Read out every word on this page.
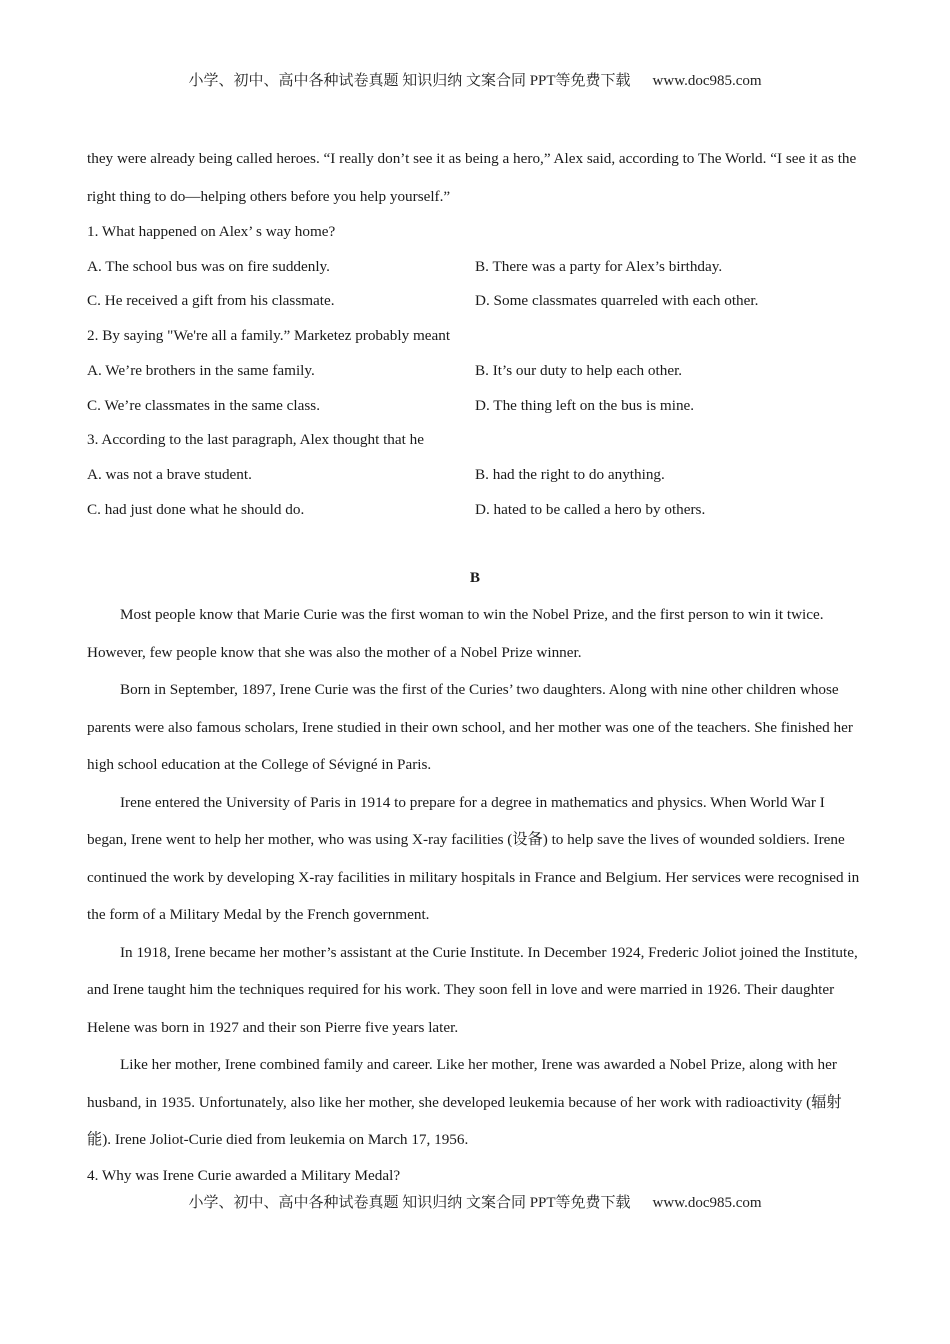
小学、初中、高中各种试卷真题 知识归纳 文案合同 PPT等免费下载 www.doc985.com

they were already being called heroes. “I really don’t see it as being a hero,” Alex said, according to The World. “I see it as the right thing to do—helping others before you help yourself.”

1. What happened on Alex’ s way home?

A. The school bus was on fire suddenly.	B. There was a party for Alex’s birthday.
C. He received a gift from his classmate.	D. Some classmates quarreled with each other.

2. By saying "We're all a family.” Marketez probably meant

A. We’re brothers in the same family.	B. It’s our duty to help each other.
C. We’re classmates in the same class.	D. The thing left on the bus is mine.

3. According to the last paragraph, Alex thought that he

A. was not a brave student.	B. had the right to do anything.
C. had just done what he should do.	D. hated to be called a hero by others.
B

Most people know that Marie Curie was the first woman to win the Nobel Prize, and the first person to win it twice. However, few people know that she was also the mother of a Nobel Prize winner.

Born in September, 1897, Irene Curie was the first of the Curies’ two daughters. Along with nine other children whose parents were also famous scholars, Irene studied in their own school, and her mother was one of the teachers. She finished her high school education at the College of Sévigné in Paris.

Irene entered the University of Paris in 1914 to prepare for a degree in mathematics and physics. When World War I began, Irene went to help her mother, who was using X-ray facilities (设备) to help save the lives of wounded soldiers. Irene continued the work by developing X-ray facilities in military hospitals in France and Belgium. Her services were recognised in the form of a Military Medal by the French government.

In 1918, Irene became her mother’s assistant at the Curie Institute. In December 1924, Frederic Joliot joined the Institute, and Irene taught him the techniques required for his work. They soon fell in love and were married in 1926. Their daughter Helene was born in 1927 and their son Pierre five years later.

Like her mother, Irene combined family and career. Like her mother, Irene was awarded a Nobel Prize, along with her husband, in 1935. Unfortunately, also like her mother, she developed leukemia because of her work with radioactivity (辐射能). Irene Joliot-Curie died from leukemia on March 17, 1956.

4. Why was Irene Curie awarded a Military Medal?

小学、初中、高中各种试卷真题 知识归纳 文案合同 PPT等免费下载 www.doc985.com
